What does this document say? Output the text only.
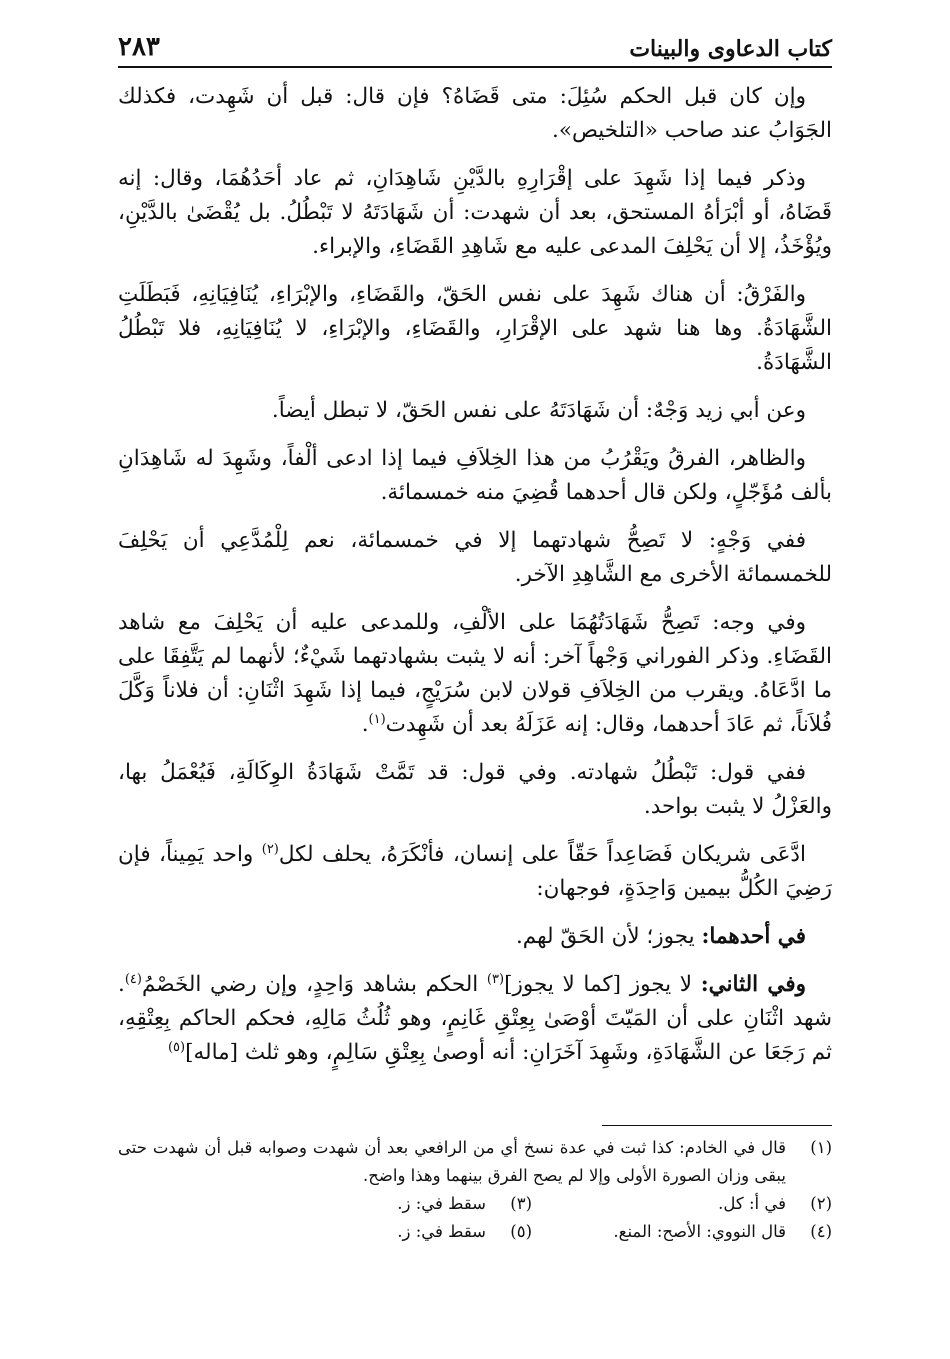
كتاب الدعاوى والبينات
٢٨٣

وإن كان قبل الحكم سُئِلَ: متى قَضَاهُ؟ فإن قال: قبل أن شَهِدت، فكذلك الجَوَابُ عند صاحب «التلخيص».

وذكر فيما إذا شَهِدَ على إقْرَارِهِ بالدَّيْنِ شَاهِدَانِ، ثم عاد أحَدُهُمَا، وقال: إنه قَضَاهُ، أو أبْرَأهُ المستحق، بعد أن شهدت: أن شَهَادَتَهُ لا تَبْطُلُ. بل يُقْضَىٰ بالدَّيْنِ، ويُؤْخَذُ، إلا أن يَحْلِفَ المدعى عليه مع شَاهِدِ القَضَاءِ، والإبراء.

والفَرْقُ: أن هناك شَهِدَ على نفس الحَقّ، والقَضَاءِ، والإبْرَاءِ، يُنَافِيَانِهِ، فَبَطَلَتِ الشَّهَادَةُ. وها هنا شهد على الإقْرَارِ، والقَضَاءِ، والإبْرَاءِ، لا يُنَافِيَانِهِ، فلا تَبْطُلُ الشَّهَادَةُ.

وعن أبي زيد وَجْهٌ: أن شَهَادَتَهُ على نفس الحَقّ، لا تبطل أيضاً.

والظاهر، الفرقُ ويَقْرُبُ من هذا الخِلاَفِ فيما إذا ادعى ألْفاً، وشَهِدَ له شَاهِدَانِ بألف مُؤَجّلٍ، ولكن قال أحدهما قُضِيَ منه خمسمائة.

ففي وَجْهٍ: لا تَصِحُّ شهادتهما إلا في خمسمائة، نعم لِلْمُدَّعِي أن يَحْلِفَ للخمسمائة الأخرى مع الشَّاهِدِ الآخر.

وفي وجه: تَصِحُّ شَهَادَتُهُمَا على الألْفِ، وللمدعى عليه أن يَحْلِفَ مع شاهد القَضَاءِ. وذكر الفوراني وَجْهاً آخر: أنه لا يثبت بشهادتهما شَيْءٌ؛ لأنهما لم يَتَّفِقَا على ما ادَّعَاهُ. ويقرب من الخِلاَفِ قولان لابن سُرَيْجٍ، فيما إذا شَهِدَ اثْنَانِ: أن فلاناً وَكَّلَ فُلاَناً، ثم عَادَ أحدهما، وقال: إنه عَزَلَهُ بعد أن شَهِدت$^{(١)}$.

ففي قول: تَبْطُلُ شهادته. وفي قول: قد تَمَّتْ شَهَادَةُ الوِكَالَةِ، فَيُعْمَلُ بها، والعَزْلُ لا يثبت بواحد.

ادَّعَى شريكان فَصَاعِداً حَقّاً على إنسان، فأنْكَرَهُ، يحلف لكل$^{(٢)}$ واحد يَمِيناً، فإن رَضِيَ الكُلُّ بيمين وَاحِدَةٍ، فوجهان:

في أحدهما: يجوز؛ لأن الحَقّ لهم.

وفي الثاني: لا يجوز [كما لا يجوز]$^{(٣)}$ الحكم بشاهد وَاحِدٍ، وإن رضي الخَصْمُ$^{(٤)}$. شهد اثْنَانِ على أن المَيّتَ أوْصَىٰ بِعِتْقِ غَانِمٍ، وهو ثُلُثُ مَالِهِ، فحكم الحاكم بِعِتْقِهِ، ثم رَجَعَا عن الشَّهَادَةِ، وشَهِدَ آخَرَانِ: أنه أوصىٰ بِعِتْقِ سَالِمٍ، وهو ثلث [ماله]$^{(٥)}$

(١)
قال في الخادم: كذا ثبت في عدة نسخ أي من الرافعي بعد أن شهدت وصوابه قبل أن شهدت حتى يبقى وزان الصورة الأولى وإلا لم يصح الفرق بينهما وهذا واضح.
(٢)
في أ: كل.
(٣)
سقط في: ز.
(٤)
قال النووي: الأصح: المنع.
(٥)
سقط في: ز.
